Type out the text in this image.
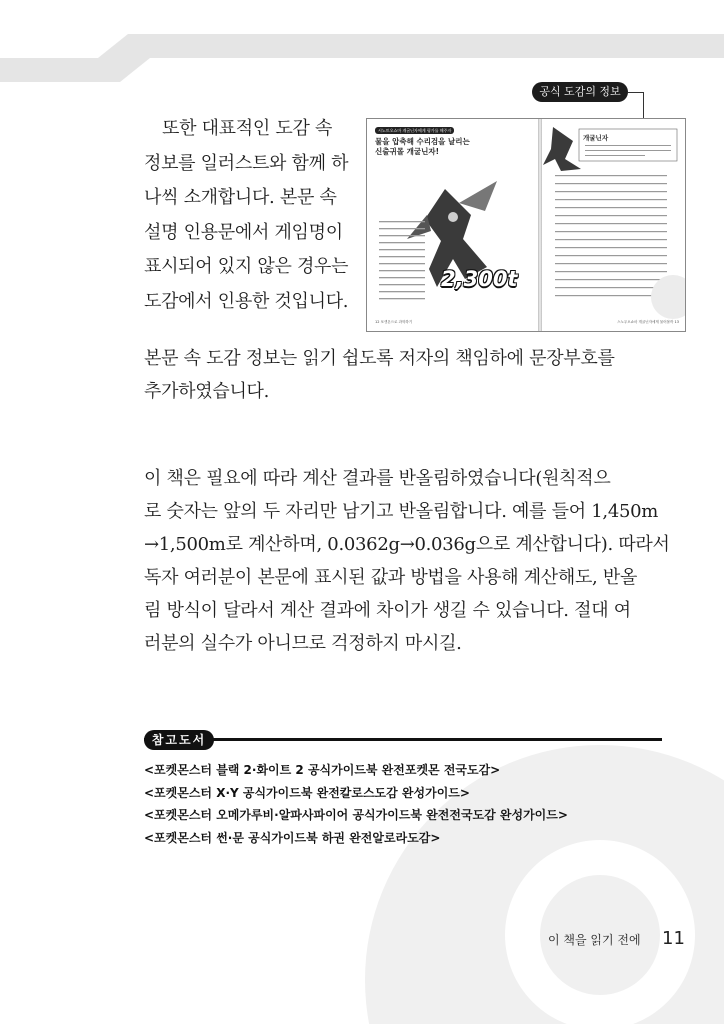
공식 도감의 정보
시노트오쇼마 개굴닌자에게 평가를 해주자
물을 압축해 수리검을 날리는
신출귀몰 개굴닌자!
2,300t
개굴닌자
12 포켓몬으로 과학하기	스노우오쇼마 개굴닌자에게 물어볼까 13

또한 대표적인 도감 속
정보를 일러스트와 함께 하
나씩 소개합니다. 본문 속
설명 인용문에서 게임명이
표시되어 있지 않은 경우는
도감에서 인용한 것입니다.

본문 속 도감 정보는 읽기 쉽도록 저자의 책임하에 문장부호를
추가하였습니다.

이 책은 필요에 따라 계산 결과를 반올림하였습니다(원칙적으
로 숫자는 앞의 두 자리만 남기고 반올림합니다. 예를 들어 1,450m
→1,500m로 계산하며, 0.0362g→0.036g으로 계산합니다). 따라서
독자 여러분이 본문에 표시된 값과 방법을 사용해 계산해도, 반올
림 방식이 달라서 계산 결과에 차이가 생길 수 있습니다. 절대 여
러분의 실수가 아니므로 걱정하지 마시길.

참고도서

<포켓몬스터 블랙 2·화이트 2 공식가이드북 완전포켓몬 전국도감>
<포켓몬스터 X·Y 공식가이드북 완전칼로스도감 완성가이드>
<포켓몬스터 오메가루비·알파사파이어 공식가이드북 완전전국도감 완성가이드>
<포켓몬스터 썬·문 공식가이드북 하권 완전알로라도감>

이 책을 읽기 전에 11
